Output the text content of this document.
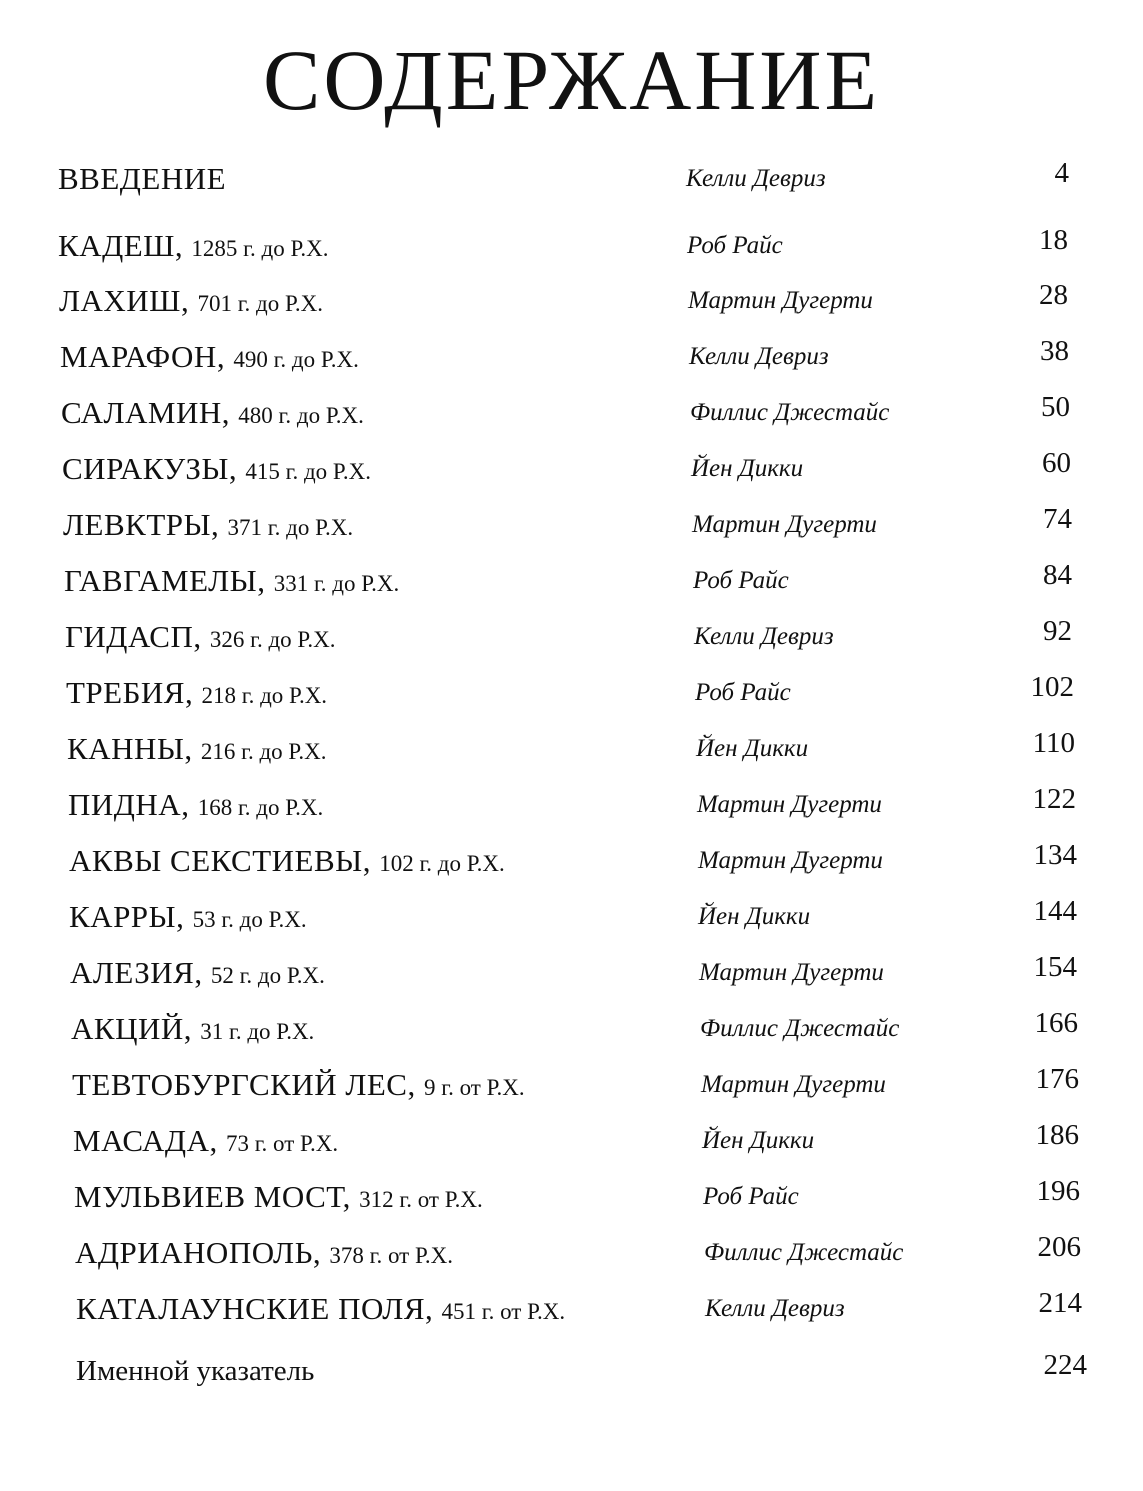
СОДЕРЖАНИЕ
ВВЕДЕНИЕ	Келли Девриз	4
КАДЕШ, 1285 г. до Р.Х.	Роб Райс	18
ЛАХИШ, 701 г. до Р.Х.	Мартин Дугерти	28
МАРАФОН, 490 г. до Р.Х.	Келли Девриз	38
САЛАМИН, 480 г. до Р.Х.	Филлис Джестайс	50
СИРАКУЗЫ, 415 г. до Р.Х.	Йен Дикки	60
ЛЕВКТРЫ, 371 г. до Р.Х.	Мартин Дугерти	74
ГАВГАМЕЛЫ, 331 г. до Р.Х.	Роб Райс	84
ГИДАСП, 326 г. до Р.Х.	Келли Девриз	92
ТРЕБИЯ, 218 г. до Р.Х.	Роб Райс	102
КАННЫ, 216 г. до Р.Х.	Йен Дикки	110
ПИДНА, 168 г. до Р.Х.	Мартин Дугерти	122
АКВЫ СЕКСТИЕВЫ, 102 г. до Р.Х.	Мартин Дугерти	134
КАРРЫ, 53 г. до Р.Х.	Йен Дикки	144
АЛЕЗИЯ, 52 г. до Р.Х.	Мартин Дугерти	154
АКЦИЙ, 31 г. до Р.Х.	Филлис Джестайс	166
ТЕВТОБУРГСКИЙ ЛЕС, 9 г. от Р.Х.	Мартин Дугерти	176
МАСАДА, 73 г. от Р.Х.	Йен Дикки	186
МУЛЬВИЕВ МОСТ, 312 г. от Р.Х.	Роб Райс	196
АДРИАНОПОЛЬ, 378 г. от Р.Х.	Филлис Джестайс	206
КАТАЛАУНСКИЕ ПОЛЯ, 451 г. от Р.Х.	Келли Девриз	214
Именной указатель	224
